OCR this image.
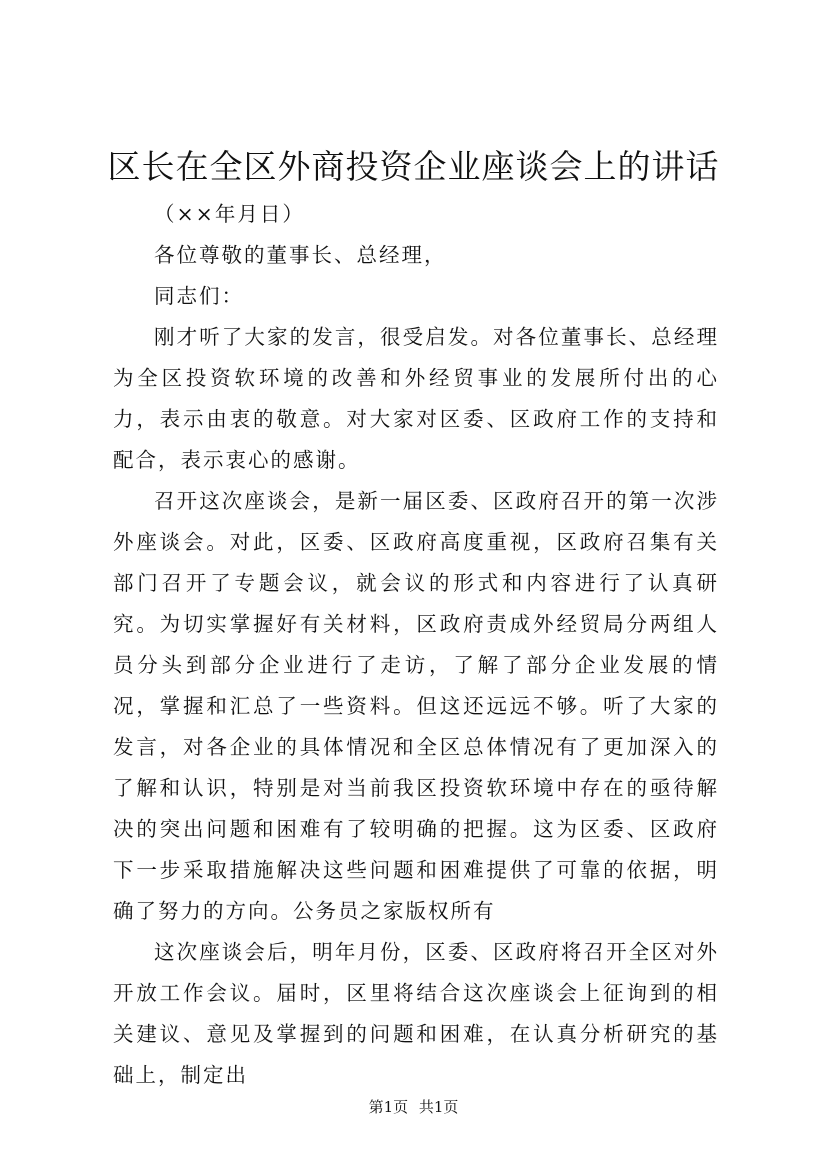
区长在全区外商投资企业座谈会上的讲话

（××年月日）

各位尊敬的董事长、总经理，

同志们：

刚才听了大家的发言，很受启发。对各位董事长、总经理为全区投资软环境的改善和外经贸事业的发展所付出的心力，表示由衷的敬意。对大家对区委、区政府工作的支持和配合，表示衷心的感谢。

召开这次座谈会，是新一届区委、区政府召开的第一次涉外座谈会。对此，区委、区政府高度重视，区政府召集有关部门召开了专题会议，就会议的形式和内容进行了认真研究。为切实掌握好有关材料，区政府责成外经贸局分两组人员分头到部分企业进行了走访，了解了部分企业发展的情况，掌握和汇总了一些资料。但这还远远不够。听了大家的发言，对各企业的具体情况和全区总体情况有了更加深入的了解和认识，特别是对当前我区投资软环境中存在的亟待解决的突出问题和困难有了较明确的把握。这为区委、区政府下一步采取措施解决这些问题和困难提供了可靠的依据，明确了努力的方向。公务员之家版权所有

这次座谈会后，明年月份，区委、区政府将召开全区对外开放工作会议。届时，区里将结合这次座谈会上征询到的相关建议、意见及掌握到的问题和困难，在认真分析研究的基础上，制定出

第1页 共1页
